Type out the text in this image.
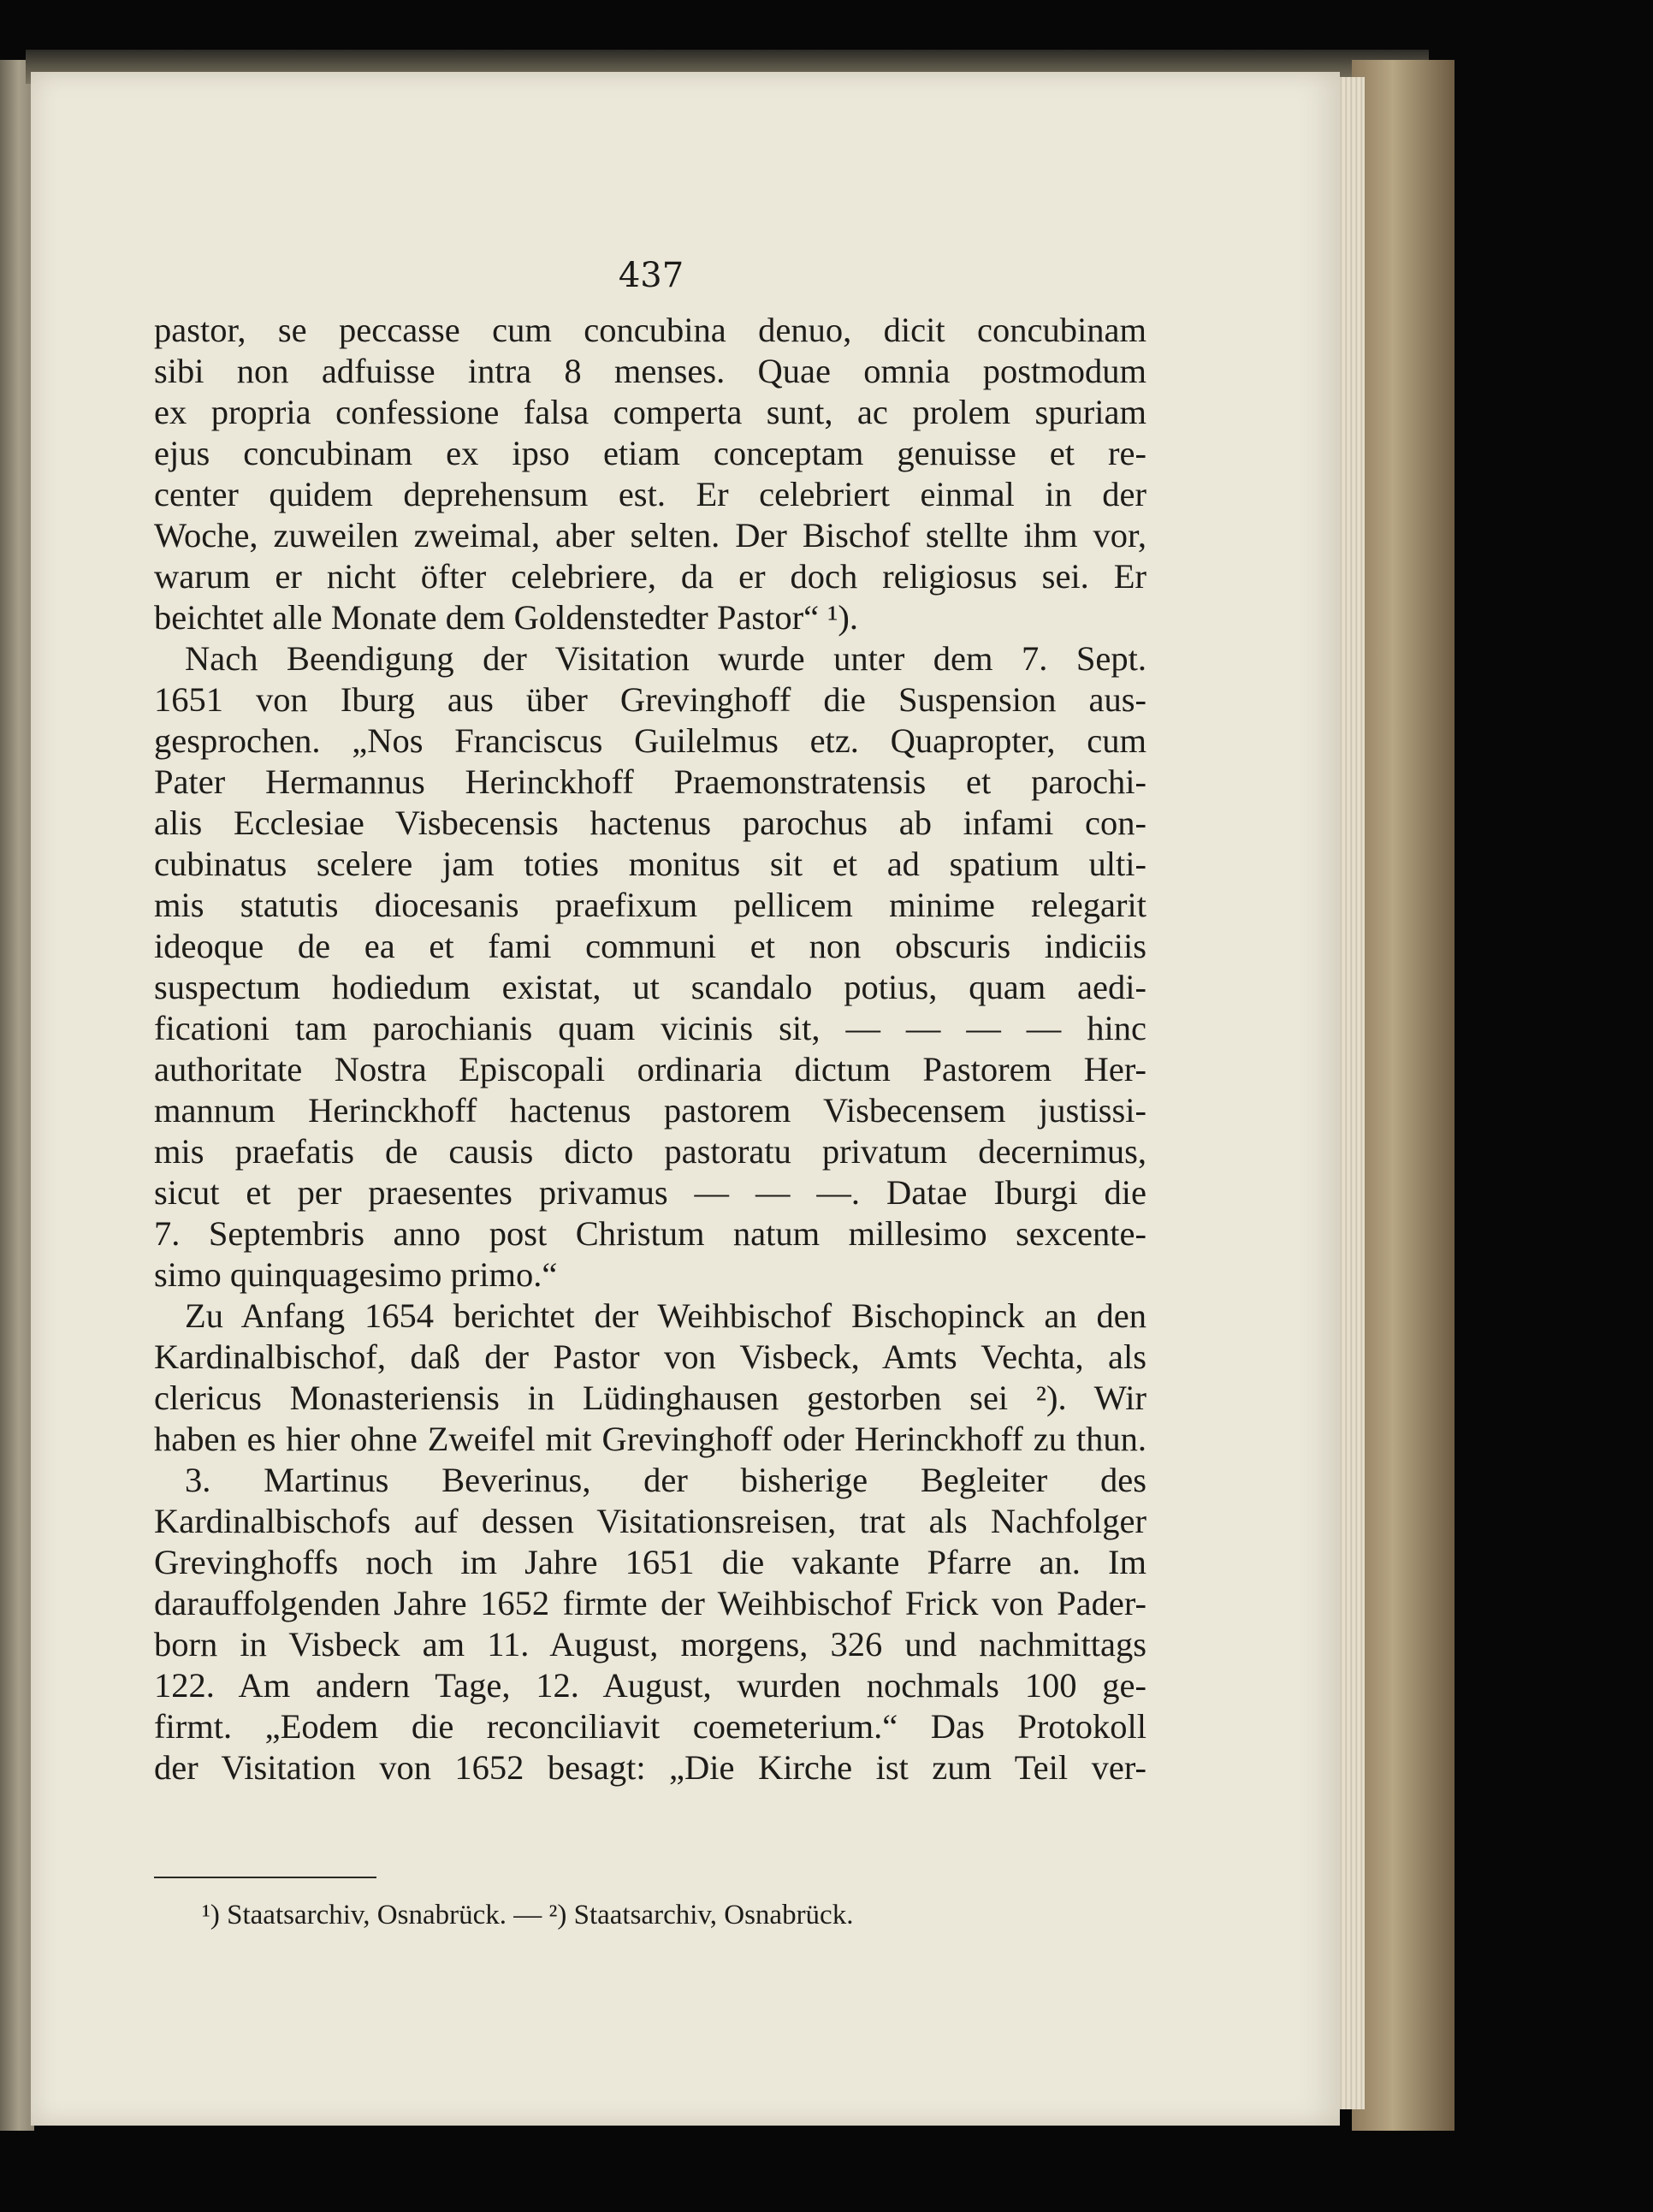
437
pastor, se peccasse cum concubina denuo, dicit concubinam
sibi non adfuisse intra 8 menses. Quae omnia postmodum
ex propria confessione falsa comperta sunt, ac prolem spuriam
ejus concubinam ex ipso etiam conceptam genuisse et re-
center quidem deprehensum est. Er celebriert einmal in der
Woche, zuweilen zweimal, aber selten. Der Bischof stellte ihm vor,
warum er nicht öfter celebriere, da er doch religiosus sei. Er
beichtet alle Monate dem Goldenstedter Pastor“ ¹).
Nach Beendigung der Visitation wurde unter dem 7. Sept.
1651 von Iburg aus über Grevinghoff die Suspension aus-
gesprochen. „Nos Franciscus Guilelmus etz. Quapropter, cum
Pater Hermannus Herinckhoff Praemonstratensis et parochi-
alis Ecclesiae Visbecensis hactenus parochus ab infami con-
cubinatus scelere jam toties monitus sit et ad spatium ulti-
mis statutis diocesanis praefixum pellicem minime relegarit
ideoque de ea et fami communi et non obscuris indiciis
suspectum hodiedum existat, ut scandalo potius, quam aedi-
ficationi tam parochianis quam vicinis sit, — — — — hinc
authoritate Nostra Episcopali ordinaria dictum Pastorem Her-
mannum Herinckhoff hactenus pastorem Visbecensem justissi-
mis praefatis de causis dicto pastoratu privatum decernimus,
sicut et per praesentes privamus — — —. Datae Iburgi die
7. Septembris anno post Christum natum millesimo sexcente-
simo quinquagesimo primo.“
Zu Anfang 1654 berichtet der Weihbischof Bischopinck an den
Kardinalbischof, daß der Pastor von Visbeck, Amts Vechta, als
clericus Monasteriensis in Lüdinghausen gestorben sei ²). Wir
haben es hier ohne Zweifel mit Grevinghoff oder Herinckhoff zu thun.
3. Martinus Beverinus, der bisherige Begleiter des
Kardinalbischofs auf dessen Visitationsreisen, trat als Nachfolger
Grevinghoffs noch im Jahre 1651 die vakante Pfarre an. Im
darauffolgenden Jahre 1652 firmte der Weihbischof Frick von Pader-
born in Visbeck am 11. August, morgens, 326 und nachmittags
122. Am andern Tage, 12. August, wurden nochmals 100 ge-
firmt. „Eodem die reconciliavit coemeterium.“ Das Protokoll
der Visitation von 1652 besagt: „Die Kirche ist zum Teil ver-
¹) Staatsarchiv, Osnabrück. — ²) Staatsarchiv, Osnabrück.
